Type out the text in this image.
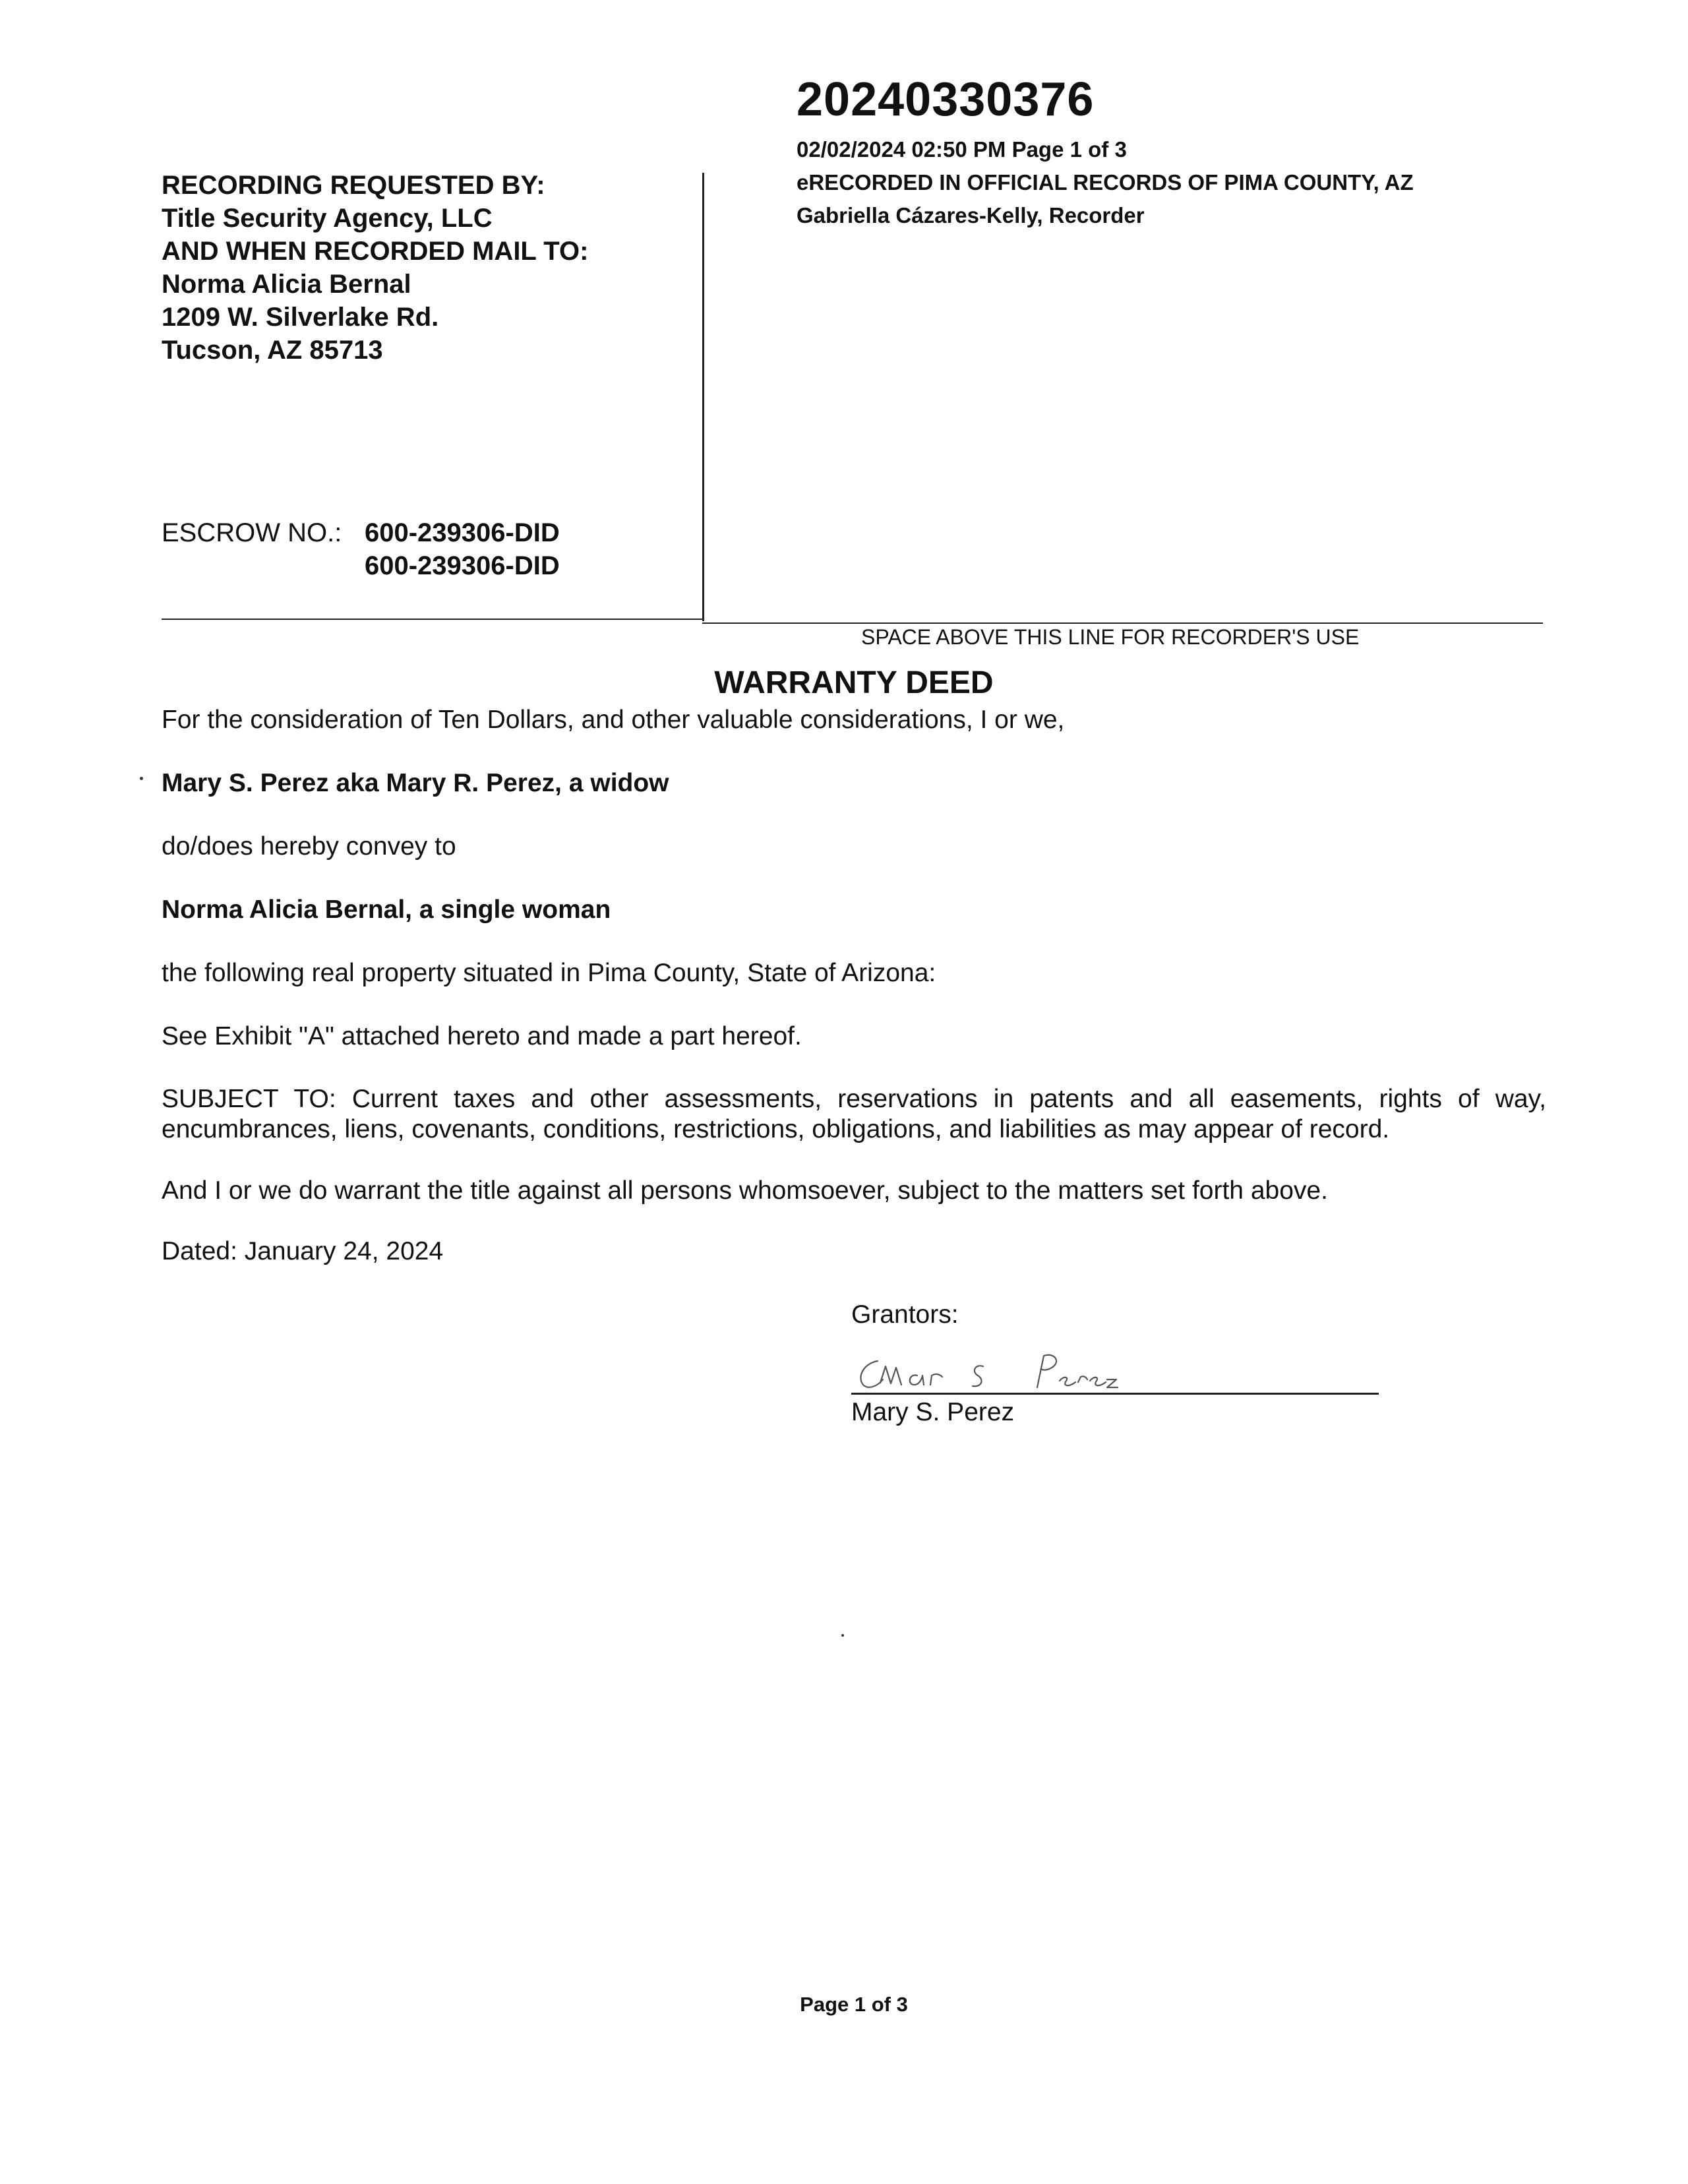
20240330376
02/02/2024 02:50 PM Page 1 of 3
eRECORDED IN OFFICIAL RECORDS OF PIMA COUNTY, AZ
Gabriella Cázares-Kelly, Recorder
RECORDING REQUESTED BY:
Title Security Agency, LLC
AND WHEN RECORDED MAIL TO:
Norma Alicia Bernal
1209 W. Silverlake Rd.
Tucson, AZ 85713
ESCROW NO.: 600-239306-DID
600-239306-DID
SPACE ABOVE THIS LINE FOR RECORDER'S USE
WARRANTY DEED
For the consideration of Ten Dollars, and other valuable considerations, I or we,
Mary S. Perez aka Mary R. Perez, a widow
do/does hereby convey to
Norma Alicia Bernal, a single woman
the following real property situated in Pima County, State of Arizona:
See Exhibit "A" attached hereto and made a part hereof.
SUBJECT TO: Current taxes and other assessments, reservations in patents and all easements, rights of way, encumbrances, liens, covenants, conditions, restrictions, obligations, and liabilities as may appear of record.
And I or we do warrant the title against all persons whomsoever, subject to the matters set forth above.
Dated: January 24, 2024
Grantors:
Mary S. Perez
Page 1 of 3
